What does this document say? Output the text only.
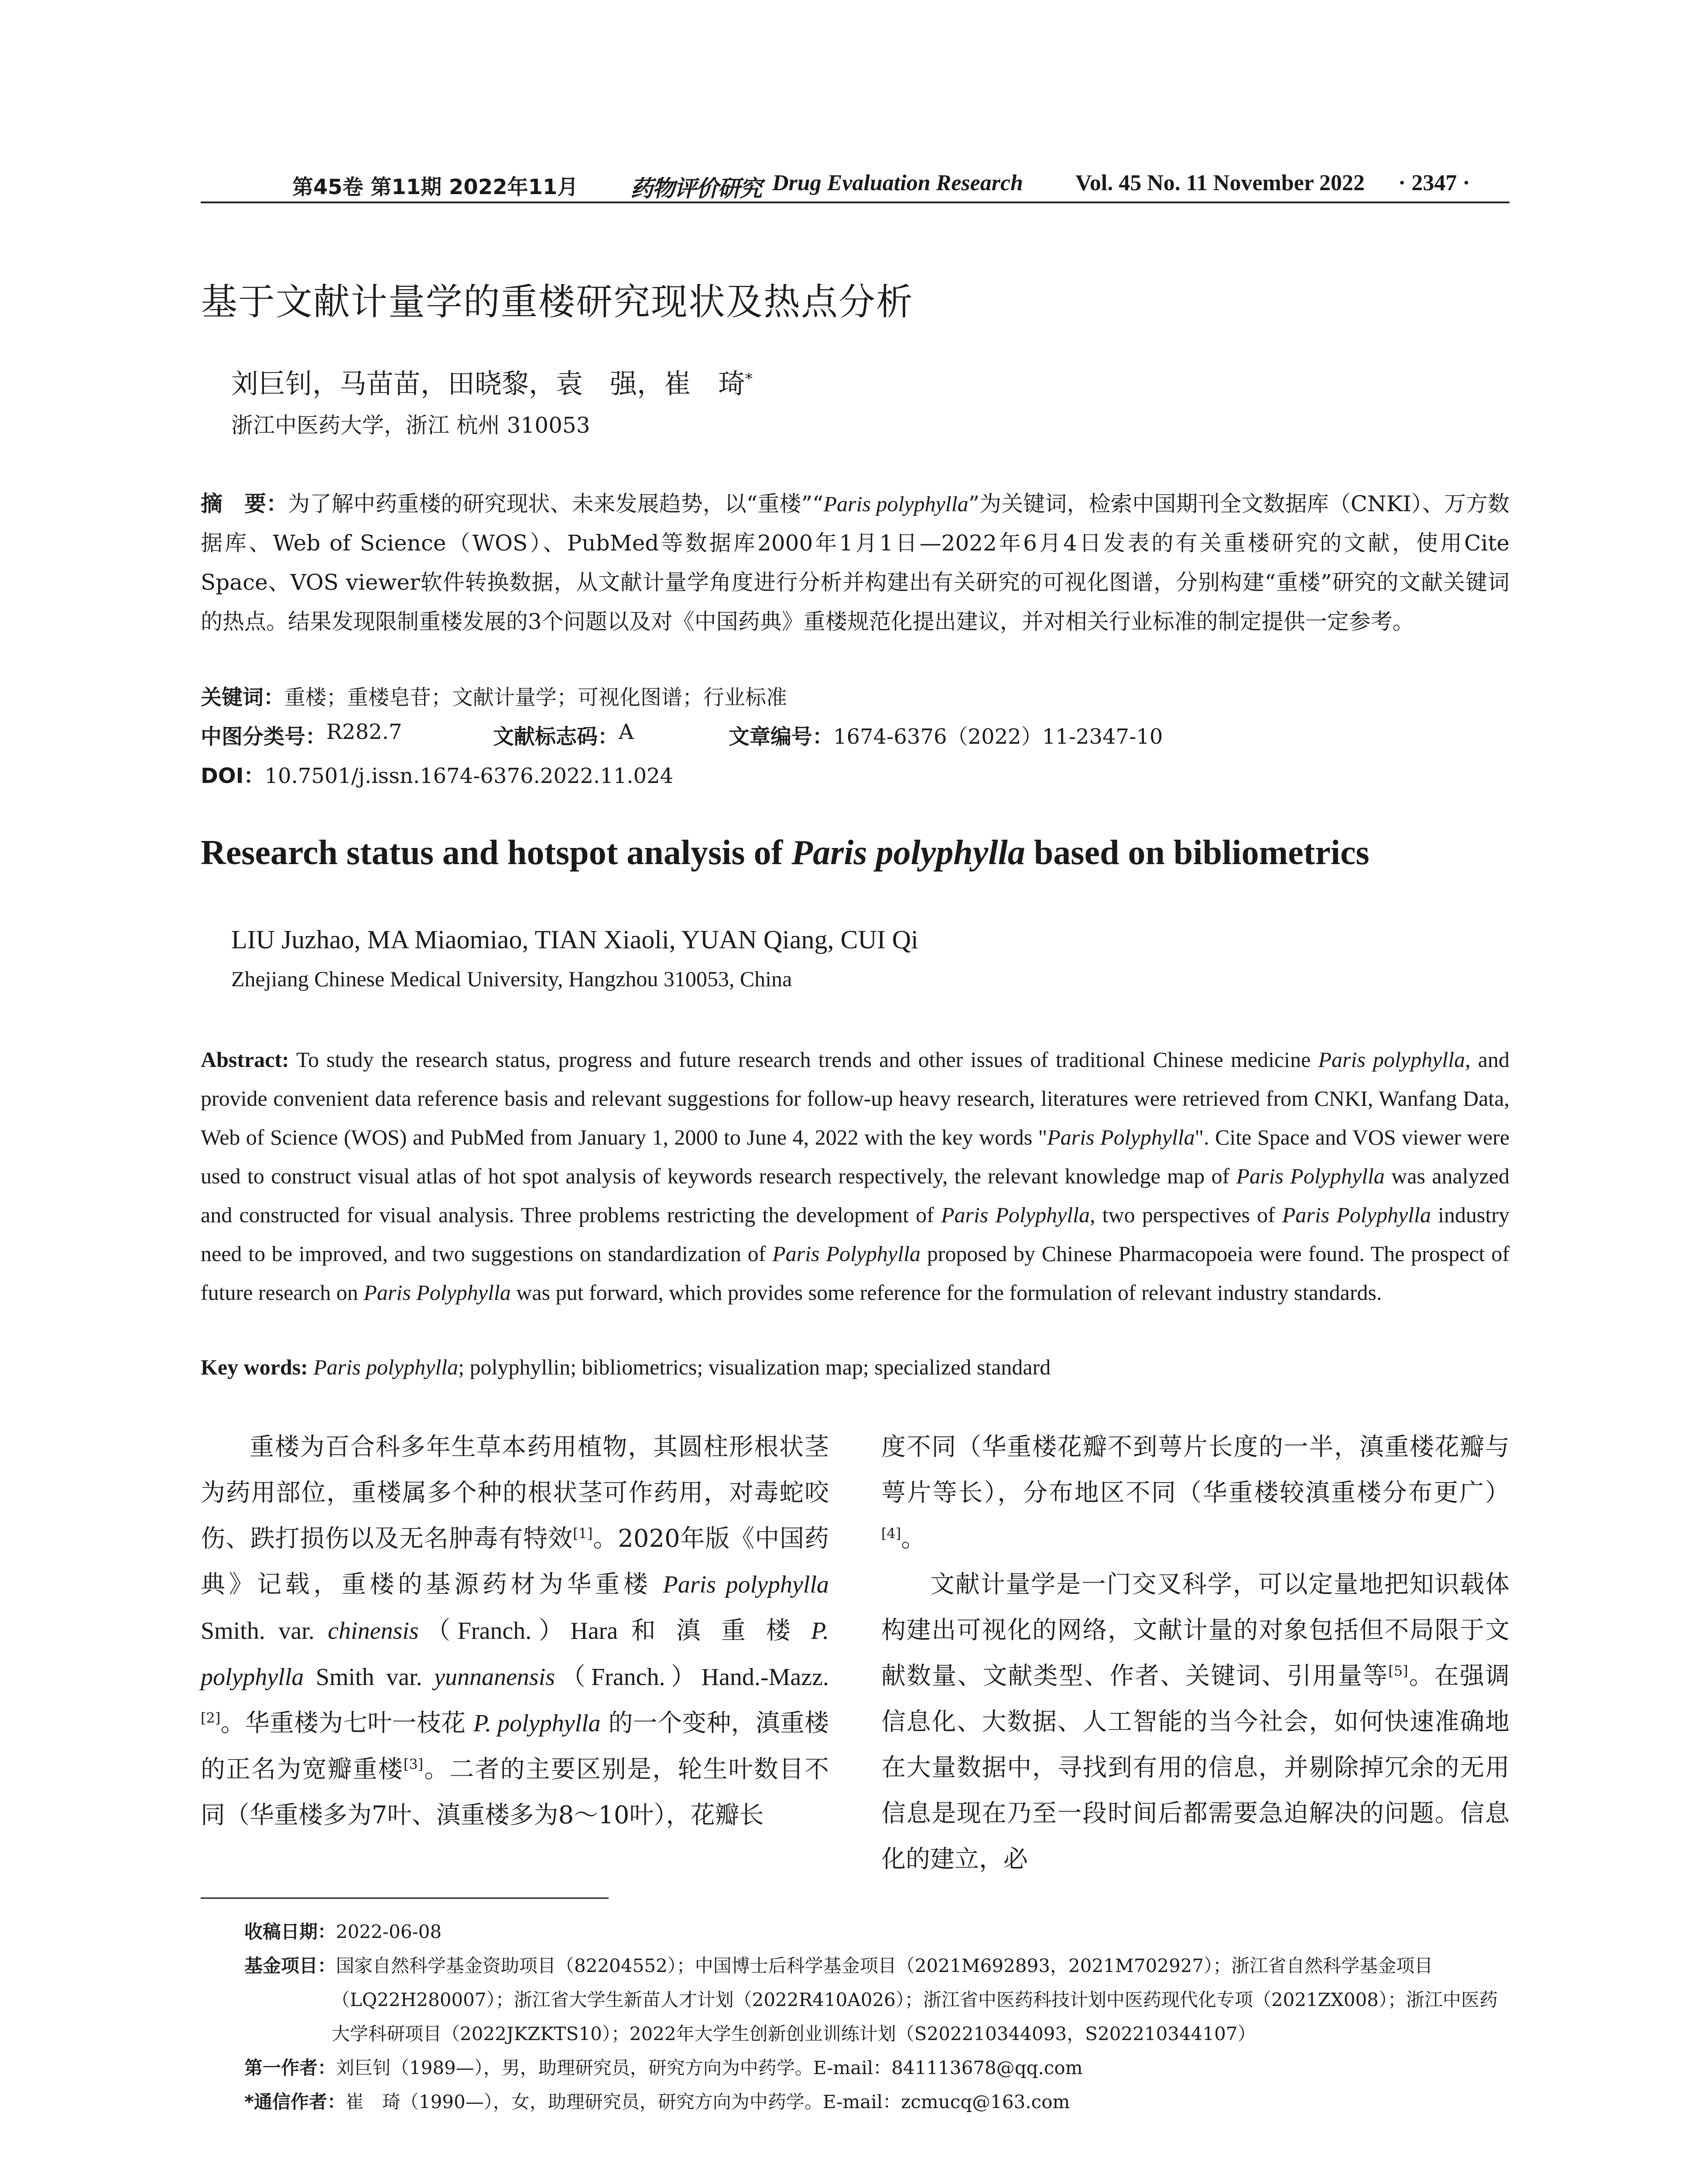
第45卷 第11期 2022年11月 药物评价研究 Drug Evaluation Research Vol. 45 No. 11 November 2022 · 2347 ·
基于文献计量学的重楼研究现状及热点分析
刘巨钊，马苗苗，田晓黎，袁　强，崔　琦*
浙江中医药大学，浙江 杭州 310053
摘　要：为了解中药重楼的研究现状、未来发展趋势，以“重楼”“Paris polyphylla”为关键词，检索中国期刊全文数据库（CNKI）、万方数据库、Web of Science（WOS）、PubMed等数据库2000年1月1日—2022年6月4日发表的有关重楼研究的文献，使用Cite Space、VOS viewer软件转换数据，从文献计量学角度进行分析并构建出有关研究的可视化图谱，分别构建“重楼”研究的文献关键词的热点。结果发现限制重楼发展的3个问题以及对《中国药典》重楼规范化提出建议，并对相关行业标准的制定提供一定参考。
关键词：重楼；重楼皂苷；文献计量学；可视化图谱；行业标准
中图分类号： R282.7	文献标志码： A	文章编号： 1674-6376（2022）11-2347-10
DOI：10.7501/j.issn.1674-6376.2022.11.024
Research status and hotspot analysis of Paris polyphylla based on bibliometrics
LIU Juzhao, MA Miaomiao, TIAN Xiaoli, YUAN Qiang, CUI Qi
Zhejiang Chinese Medical University, Hangzhou 310053, China
Abstract: To study the research status, progress and future research trends and other issues of traditional Chinese medicine Paris polyphylla, and provide convenient data reference basis and relevant suggestions for follow-up heavy research, literatures were retrieved from CNKI, Wanfang Data, Web of Science (WOS) and PubMed from January 1, 2000 to June 4, 2022 with the key words "Paris Polyphylla". Cite Space and VOS viewer were used to construct visual atlas of hot spot analysis of keywords research respectively, the relevant knowledge map of Paris Polyphylla was analyzed and constructed for visual analysis. Three problems restricting the development of Paris Polyphylla, two perspectives of Paris Polyphylla industry need to be improved, and two suggestions on standardization of Paris Polyphylla proposed by Chinese Pharmacopoeia were found. The prospect of future research on Paris Polyphylla was put forward, which provides some reference for the formulation of relevant industry standards.
Key words: Paris polyphylla; polyphyllin; bibliometrics; visualization map; specialized standard

重楼为百合科多年生草本药用植物，其圆柱形根状茎为药用部位，重楼属多个种的根状茎可作药用，对毒蛇咬伤、跌打损伤以及无名肿毒有特效[1]。2020年版《中国药典》记载，重楼的基源药材为华重楼 Paris polyphylla Smith. var. chinensis（Franch.）Hara 和 滇 重 楼 P. polyphylla Smith var. yunnanensis（Franch.）Hand.-Mazz.[2]。华重楼为七叶一枝花 P. polyphylla 的一个变种，滇重楼的正名为宽瓣重楼[3]。二者的主要区别是，轮生叶数目不同（华重楼多为7叶、滇重楼多为8～10叶），花瓣长

度不同（华重楼花瓣不到萼片长度的一半，滇重楼花瓣与萼片等长），分布地区不同（华重楼较滇重楼分布更广）[4]。

文献计量学是一门交叉科学，可以定量地把知识载体构建出可视化的网络，文献计量的对象包括但不局限于文献数量、文献类型、作者、关键词、引用量等[5]。在强调信息化、大数据、人工智能的当今社会，如何快速准确地在大量数据中，寻找到有用的信息，并剔除掉冗余的无用信息是现在乃至一段时间后都需要急迫解决的问题。信息化的建立，必

收稿日期：2022-06-08

基金项目：国家自然科学基金资助项目（82204552）；中国博士后科学基金项目（2021M692893，2021M702927）；浙江省自然科学基金项目（LQ22H280007）；浙江省大学生新苗人才计划（2022R410A026）；浙江省中医药科技计划中医药现代化专项（2021ZX008）；浙江中医药大学科研项目（2022JKZKTS10）；2022年大学生创新创业训练计划（S202210344093，S202210344107）

第一作者：刘巨钊（1989—），男，助理研究员，研究方向为中药学。E-mail：841113678@qq.com

*通信作者：崔　琦（1990—），女，助理研究员，研究方向为中药学。E-mail：zcmucq@163.com
